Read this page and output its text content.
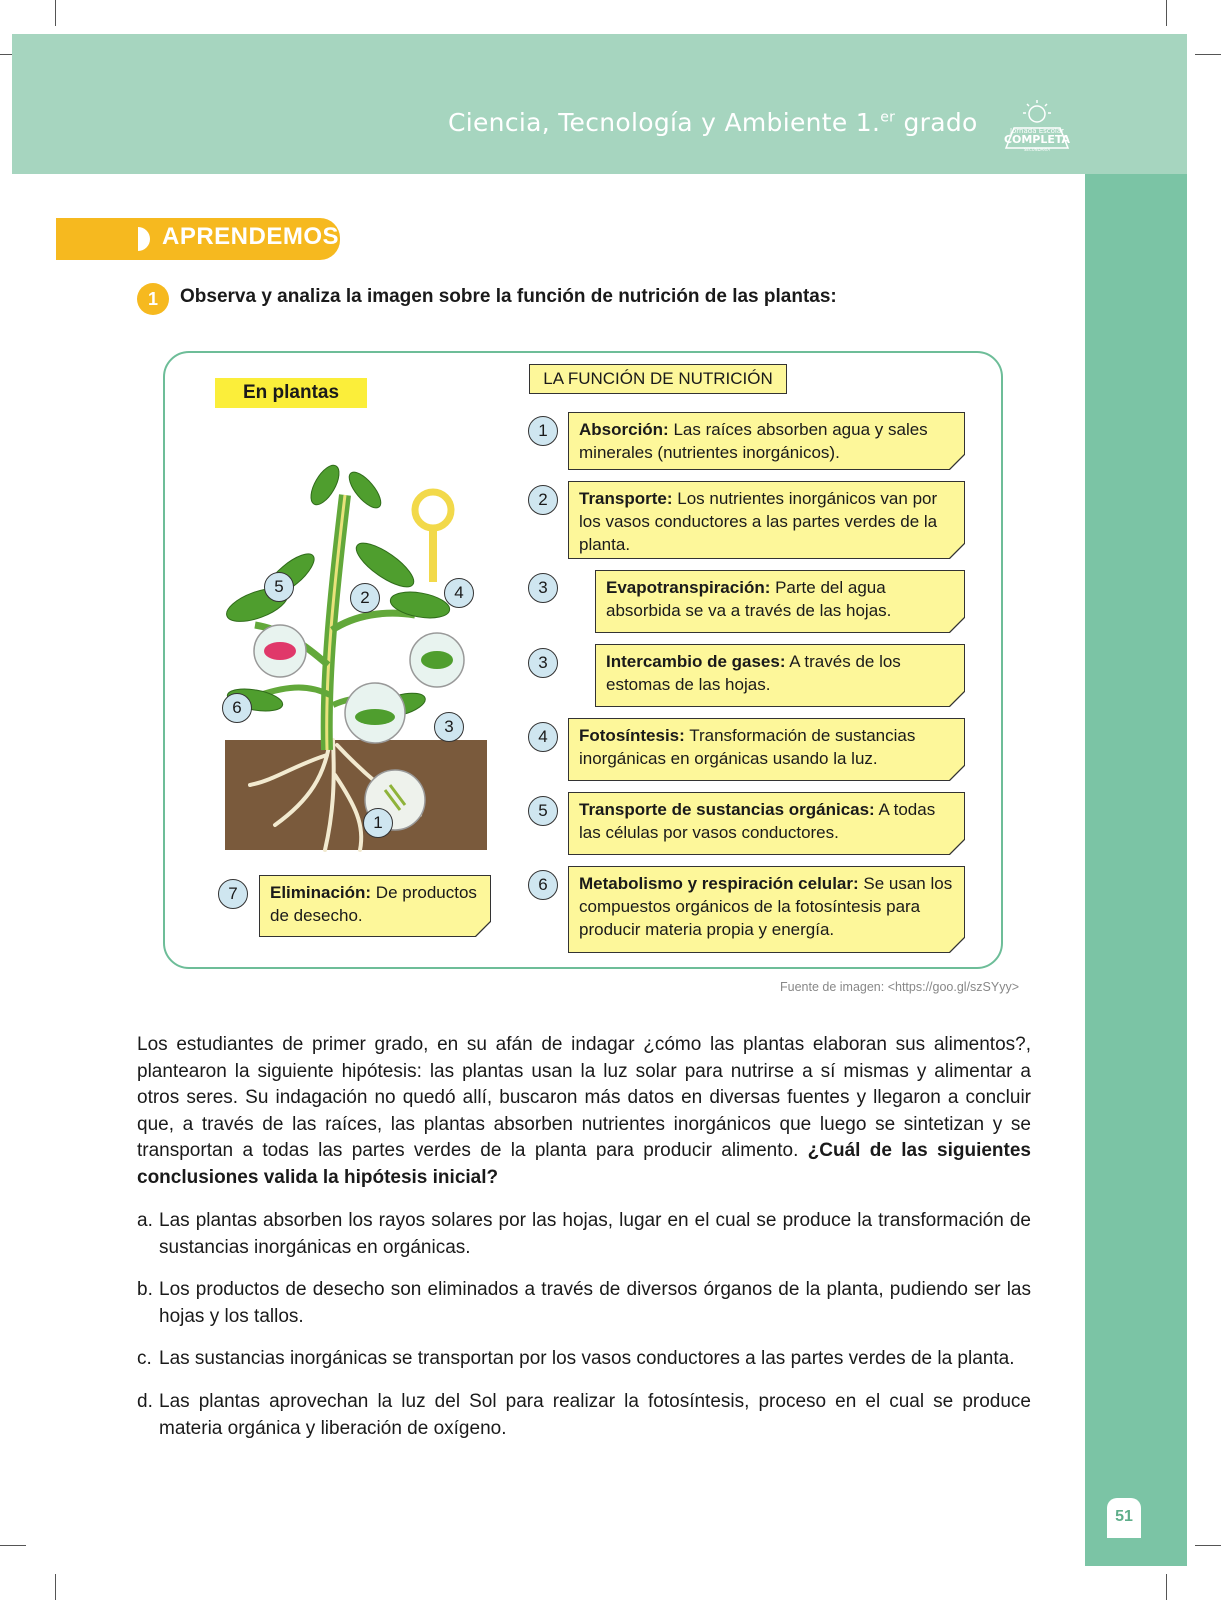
Ciencia, Tecnología y Ambiente 1.$^{er}$ grado	Jornada Escolar
COMPLETA
SECUNDARIA
51
APRENDEMOS
1	Observa y analiza la imagen sobre la función de nutrición de las plantas:
En plantas
LA FUNCIÓN DE NUTRICIÓN
5
2	4
6
3
1
1	Absorción: Las raíces absorben agua y sales minerales (nutrientes inorgánicos).
2	Transporte: Los nutrientes inorgánicos van por los vasos conductores a las partes verdes de la planta.
3	Evapotranspiración: Parte del agua absorbida se va a través de las hojas.
3	Intercambio de gases: A través de los estomas de las hojas.
4	Fotosíntesis: Transformación de sustancias inorgánicas en orgánicas usando la luz.
5	Transporte de sustancias orgánicas: A todas las células por vasos conductores.
6	Metabolismo y respiración celular: Se usan los compuestos orgánicos de la fotosíntesis para producir materia propia y energía.
7	Eliminación: De productos de desecho.
Fuente de imagen: <https://goo.gl/szSYyy>
Los estudiantes de primer grado, en su afán de indagar ¿cómo las plantas elaboran sus alimentos?, plantearon la siguiente hipótesis: las plantas usan la luz solar para nutrirse a sí mismas y alimentar a otros seres. Su indagación no quedó allí, buscaron más datos en diversas fuentes y llegaron a concluir que, a través de las raíces, las plantas absorben nutrientes inorgánicos que luego se sintetizan y se transportan a todas las partes verdes de la planta para producir alimento. ¿Cuál de las siguientes conclusiones valida la hipótesis inicial?
a. Las plantas absorben los rayos solares por las hojas, lugar en el cual se produce la transformación de sustancias inorgánicas en orgánicas.
b. Los productos de desecho son eliminados a través de diversos órganos de la planta, pudiendo ser las hojas y los tallos.
c. Las sustancias inorgánicas se transportan por los vasos conductores a las partes verdes de la planta.
d. Las plantas aprovechan la luz del Sol para realizar la fotosíntesis, proceso en el cual se produce materia orgánica y liberación de oxígeno.
